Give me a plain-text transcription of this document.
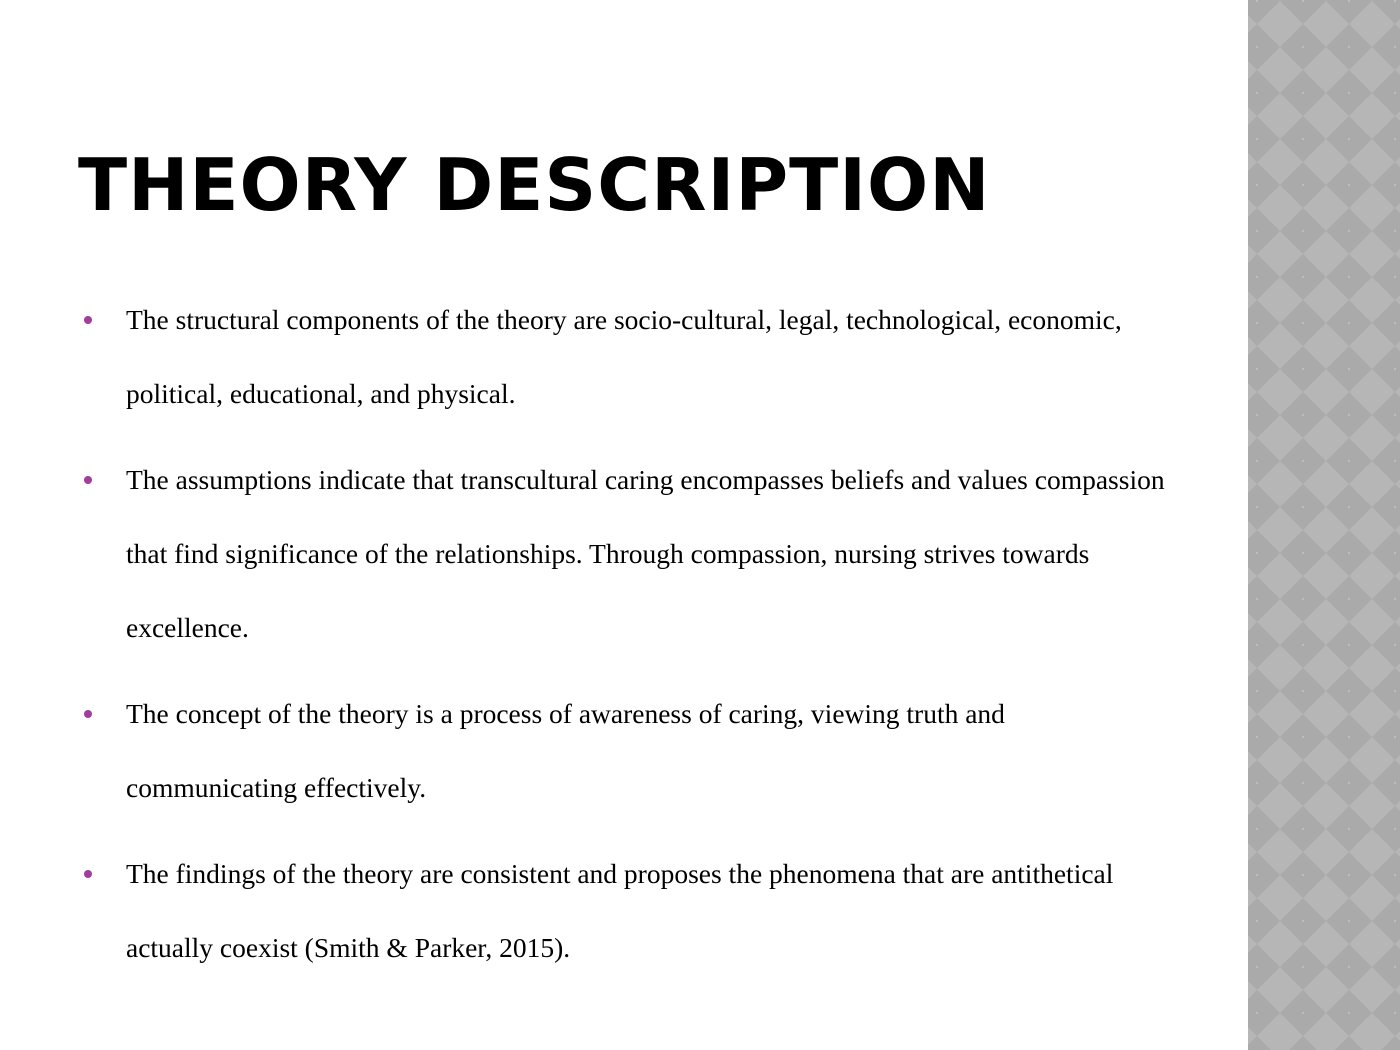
THEORY DESCRIPTION
The structural components of the theory are socio-cultural, legal, technological, economic, political, educational, and physical.
The assumptions indicate that transcultural caring encompasses beliefs and values compassion that find significance of the relationships. Through compassion, nursing strives towards excellence.
The concept of the theory is a process of awareness of caring, viewing truth and communicating effectively.
The findings of the theory are consistent and proposes the phenomena that are antithetical actually coexist (Smith & Parker, 2015).
